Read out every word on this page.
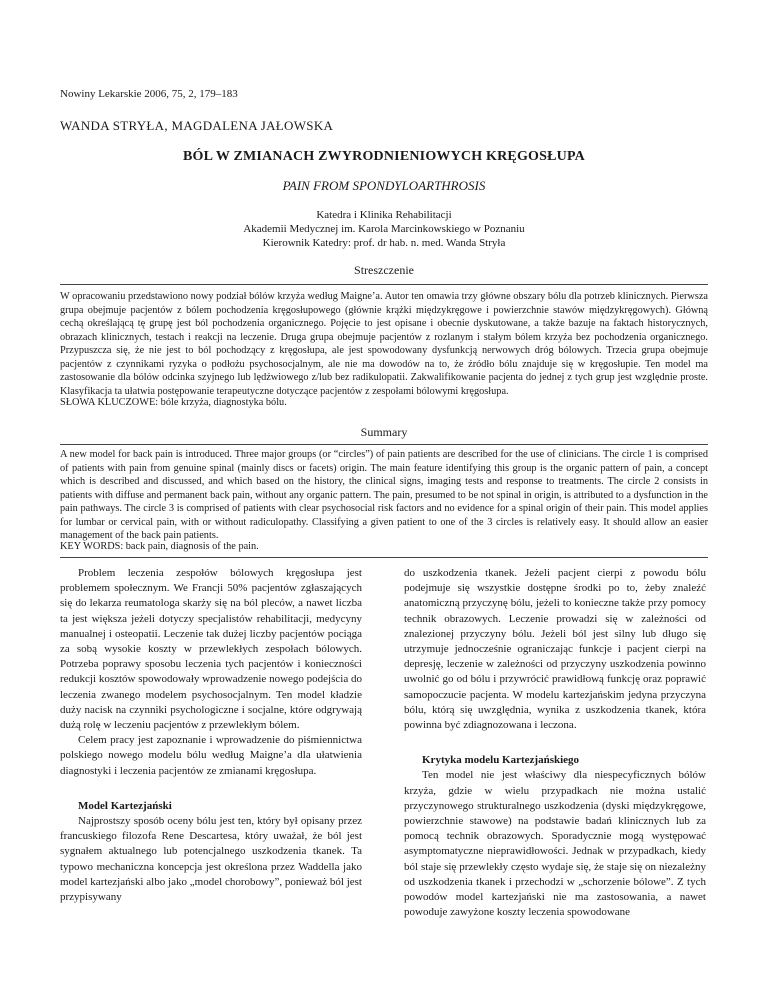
Nowiny Lekarskie 2006, 75, 2, 179–183
WANDA STRYŁA, MAGDALENA JAŁOWSKA
BÓL W ZMIANACH ZWYRODNIENIOWYCH KRĘGOSŁUPA
PAIN FROM SPONDYLOARTHROSIS
Katedra i Klinika Rehabilitacji
Akademii Medycznej im. Karola Marcinkowskiego w Poznaniu
Kierownik Katedry: prof. dr hab. n. med. Wanda Stryła
Streszczenie
W opracowaniu przedstawiono nowy podział bólów krzyża według Maigne’a. Autor ten omawia trzy główne obszary bólu dla potrzeb klinicznych. Pierwsza grupa obejmuje pacjentów z bólem pochodzenia kręgosłupowego (głównie krążki międzykręgowe i powierzchnie stawów międzykręgowych). Główną cechą określającą tę grupę jest ból pochodzenia organicznego. Pojęcie to jest opisane i obecnie dyskutowane, a także bazuje na faktach historycznych, obrazach klinicznych, testach i reakcji na leczenie. Druga grupa obejmuje pacjentów z rozlanym i stałym bólem krzyża bez pochodzenia organicznego. Przypuszcza się, że nie jest to ból pochodzący z kręgosłupa, ale jest spowodowany dysfunkcją nerwowych dróg bólowych. Trzecia grupa obejmuje pacjentów z czynnikami ryzyka o podłożu psychosocjalnym, ale nie ma dowodów na to, że źródło bólu znajduje się w kręgosłupie. Ten model ma zastosowanie dla bólów odcinka szyjnego lub lędźwiowego z/lub bez radikulopatii. Zakwalifikowanie pacjenta do jednej z tych grup jest względnie proste. Klasyfikacja ta ułatwia postępowanie terapeutyczne dotyczące pacjentów z zespołami bólowymi kręgosłupa.
SŁOWA KLUCZOWE: bóle krzyża, diagnostyka bólu.
Summary
A new model for back pain is introduced. Three major groups (or “circles”) of pain patients are described for the use of clinicians. The circle 1 is comprised of patients with pain from genuine spinal (mainly discs or facets) origin. The main feature identifying this group is the organic pattern of pain, a concept which is described and discussed, and which based on the history, the clinical signs, imaging tests and response to treatments. The circle 2 consists in patients with diffuse and permanent back pain, without any organic pattern. The pain, presumed to be not spinal in origin, is attributed to a dysfunction in the pain pathways. The circle 3 is comprised of patients with clear psychosocial risk factors and no evidence for a spinal origin of their pain. This model applies for lumbar or cervical pain, with or without radiculopathy. Classifying a given patient to one of the 3 circles is relatively easy. It should allow an easier management of the back pain patients.
KEY WORDS: back pain, diagnosis of the pain.

Problem leczenia zespołów bólowych kręgosłupa jest problemem społecznym. We Francji 50% pacjentów zgłaszających się do lekarza reumatologa skarży się na ból pleców, a nawet liczba ta jest większa jeżeli dotyczy specjalistów rehabilitacji, medycyny manualnej i osteopatii. Leczenie tak dużej liczby pacjentów pociąga za sobą wysokie koszty w przewlekłych zespołach bólowych. Potrzeba poprawy sposobu leczenia tych pacjentów i konieczności redukcji kosztów spowodowały wprowadzenie nowego podejścia do leczenia zwanego modelem psychosocjalnym. Ten model kładzie duży nacisk na czynniki psychologiczne i socjalne, które odgrywają dużą rolę w leczeniu pacjentów z przewlekłym bólem.

Celem pracy jest zapoznanie i wprowadzenie do piśmiennictwa polskiego nowego modelu bólu według Maigne’a dla ułatwienia diagnostyki i leczenia pacjentów ze zmianami kręgosłupa.

Model Kartezjański

Najprostszy sposób oceny bólu jest ten, który był opisany przez francuskiego filozofa Rene Descartesa, który uważał, że ból jest sygnałem aktualnego lub potencjalnego uszkodzenia tkanek. Ta typowo mechaniczna koncepcja jest określona przez Waddella jako model kartezjański albo jako „model chorobowy”, ponieważ ból jest przypisywany

do uszkodzenia tkanek. Jeżeli pacjent cierpi z powodu bólu podejmuje się wszystkie dostępne środki po to, żeby znaleźć anatomiczną przyczynę bólu, jeżeli to konieczne także przy pomocy technik obrazowych. Leczenie prowadzi się w zależności od znalezionej przyczyny bólu. Jeżeli ból jest silny lub długo się utrzymuje jednocześnie ograniczając funkcje i pacjent cierpi na depresję, leczenie w zależności od przyczyny uszkodzenia powinno uwolnić go od bólu i przywrócić prawidłową funkcję oraz poprawić samopoczucie pacjenta. W modelu kartezjańskim jedyna przyczyna bólu, którą się uwzględnia, wynika z uszkodzenia tkanek, która powinna być zdiagnozowana i leczona.

Krytyka modelu Kartezjańskiego

Ten model nie jest właściwy dla niespecyficznych bólów krzyża, gdzie w wielu przypadkach nie można ustalić przyczynowego strukturalnego uszkodzenia (dyski międzykręgowe, powierzchnie stawowe) na podstawie badań klinicznych lub za pomocą technik obrazowych. Sporadycznie mogą występować asymptomatyczne nieprawidłowości. Jednak w przypadkach, kiedy ból staje się przewlekły często wydaje się, że staje się on niezależny od uszkodzenia tkanek i przechodzi w „schorzenie bólowe”. Z tych powodów model kartezjański nie ma zastosowania, a nawet powoduje zawyżone koszty leczenia spowodowane
